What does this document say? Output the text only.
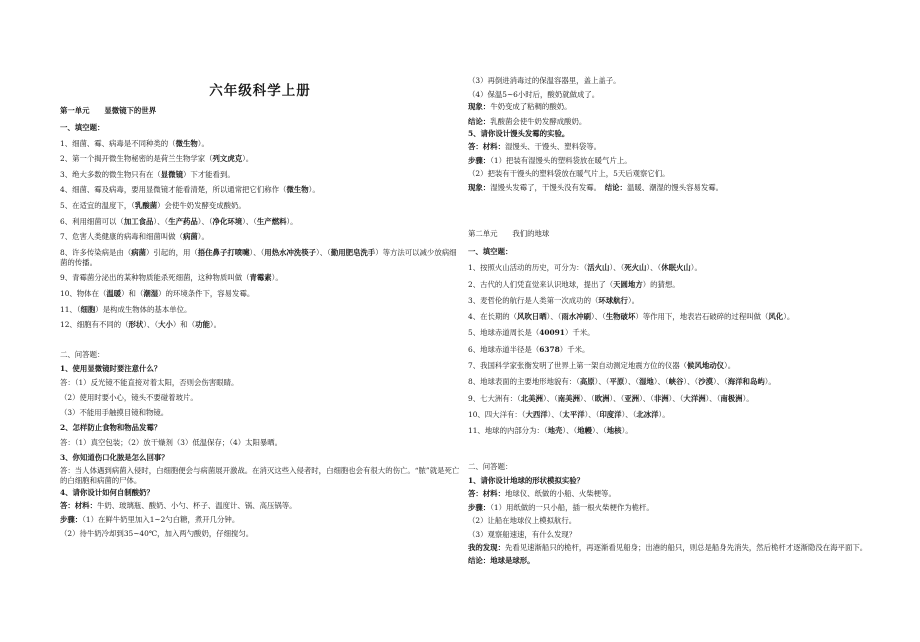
六年级科学上册
第一单元　　显微镜下的世界
一、填空题：
1、细菌、霉、病毒是不同种类的（微生物）。
2、第一个揭开微生物秘密的是荷兰生物学家（列文虎克）。
3、绝大多数的微生物只有在（显微镜）下才能看到。
4、细菌、霉及病毒，要用显微镜才能看清楚，所以通常把它们称作（微生物）。
5、在适宜的温度下，（乳酸菌）会使牛奶发酵变成酸奶。
6、利用细菌可以（加工食品）、（生产药品）、（净化环境）、（生产燃料）。
7、危害人类健康的病毒和细菌叫做（病菌）。
8、许多传染病是由（病菌）引起的，用（捂住鼻子打喷嚏）、（用热水冲洗筷子）、（勤用肥皂洗手）等方法可以减少放病细菌的传播。
9、青霉菌分泌出的某种物质能杀死细菌，这种物质叫做（青霉素）。
10、物体在（温暖）和（潮湿）的环境条件下，容易发霉。
11、（细胞）是构成生物体的基本单位。
12、细胞有不同的（形状）、（大小）和（功能）。
二、问答题：
1、使用显微镜时要注意什么？
答：（1）反光镜不能直接对着太阳，否则会伤害眼睛。
（2）使用时要小心，镜头不要碰着玻片。
（3）不能用手触摸目镜和物镜。
2、怎样防止食物和物品发霉？
答：（1）真空包装；（2）放干燥剂（3）低温保存；（4）太阳暴晒。
3、你知道伤口化脓是怎么回事？
答：当人体遇到病菌入侵时，白细胞便会与病菌展开激战。在消灭这些入侵者时，白细胞也会有很大的伤亡。“脓”就是死亡的白细胞和病菌的尸体。
4、请你设计如何自制酸奶？
答：材料：牛奶、玻璃瓶、酸奶、小勺、杯子、温度计、锅、高压锅等。
步骤：（1）在鲜牛奶里加入1~2勺白糖，煮开几分钟。
（2）待牛奶冷却到35~40℃，加入两勺酸奶，仔细搅匀。
（3）再倒进消毒过的保温容器里，盖上盖子。
（4）保温5~6小时后，酸奶就做成了。
现象：牛奶变成了粘稠的酸奶。
结论：乳酸菌会使牛奶发酵成酸奶。
5、请你设计馒头发霉的实验。
答：材料：湿馒头、干馒头、塑料袋等。
步骤：（1）把装有湿馒头的塑料袋放在暖气片上。
（2）把装有干馒头的塑料袋放在暖气片上，5天后观察它们。
现象：湿馒头发霉了，干馒头没有发霉。　 结论：温暖、潮湿的馒头容易发霉。
第二单元　　我们的地球
一、填空题：
1、按照火山活动的历史，可分为：（活火山）、（死火山）、（休眠火山）。
2、古代的人们凭直觉来认识地球，提出了（天圆地方）的猜想。
3、麦哲伦的航行是人类第一次成功的（环球航行）。
4、在长期的（风吹日晒）、（雨水冲刷）、（生物破坏）等作用下，地表岩石破碎的过程叫做（风化）。
5、地球赤道周长是（40091）千米。
6、地球赤道半径是（6378）千米。
7、我国科学家张衡发明了世界上第一架自动测定地震方位的仪器（候风地动仪）。
8、地球表面的主要地形地貌有：（高原）、（平原）、（湿地）、（峡谷）、（沙漠）、（海洋和岛屿）。
9、七大洲有：（北美洲）、（南美洲）、（欧洲）、（亚洲）、（非洲）、（大洋洲）、（南极洲）。
10、四大洋有：（大西洋）、（太平洋）、（印度洋）、（北冰洋）。
11、地球的内部分为：（地壳）、（地幔）、（地核）。
二、问答题：
1、请你设计地球的形状模拟实验？
答：材料：地球仪、纸做的小船、火柴梗等。
步骤：（1）用纸做的一只小船，插一根火柴梗作为桅杆。
（2）让船在地球仪上模拟航行。
（3）观察船速速，有什么发现？
我的发现：先看见速渐船只的桅杆，再逐渐看见船身；出港的船只，则总是船身先消失，然后桅杆才逐渐隐没在海平面下。
结论：地球是球形。
